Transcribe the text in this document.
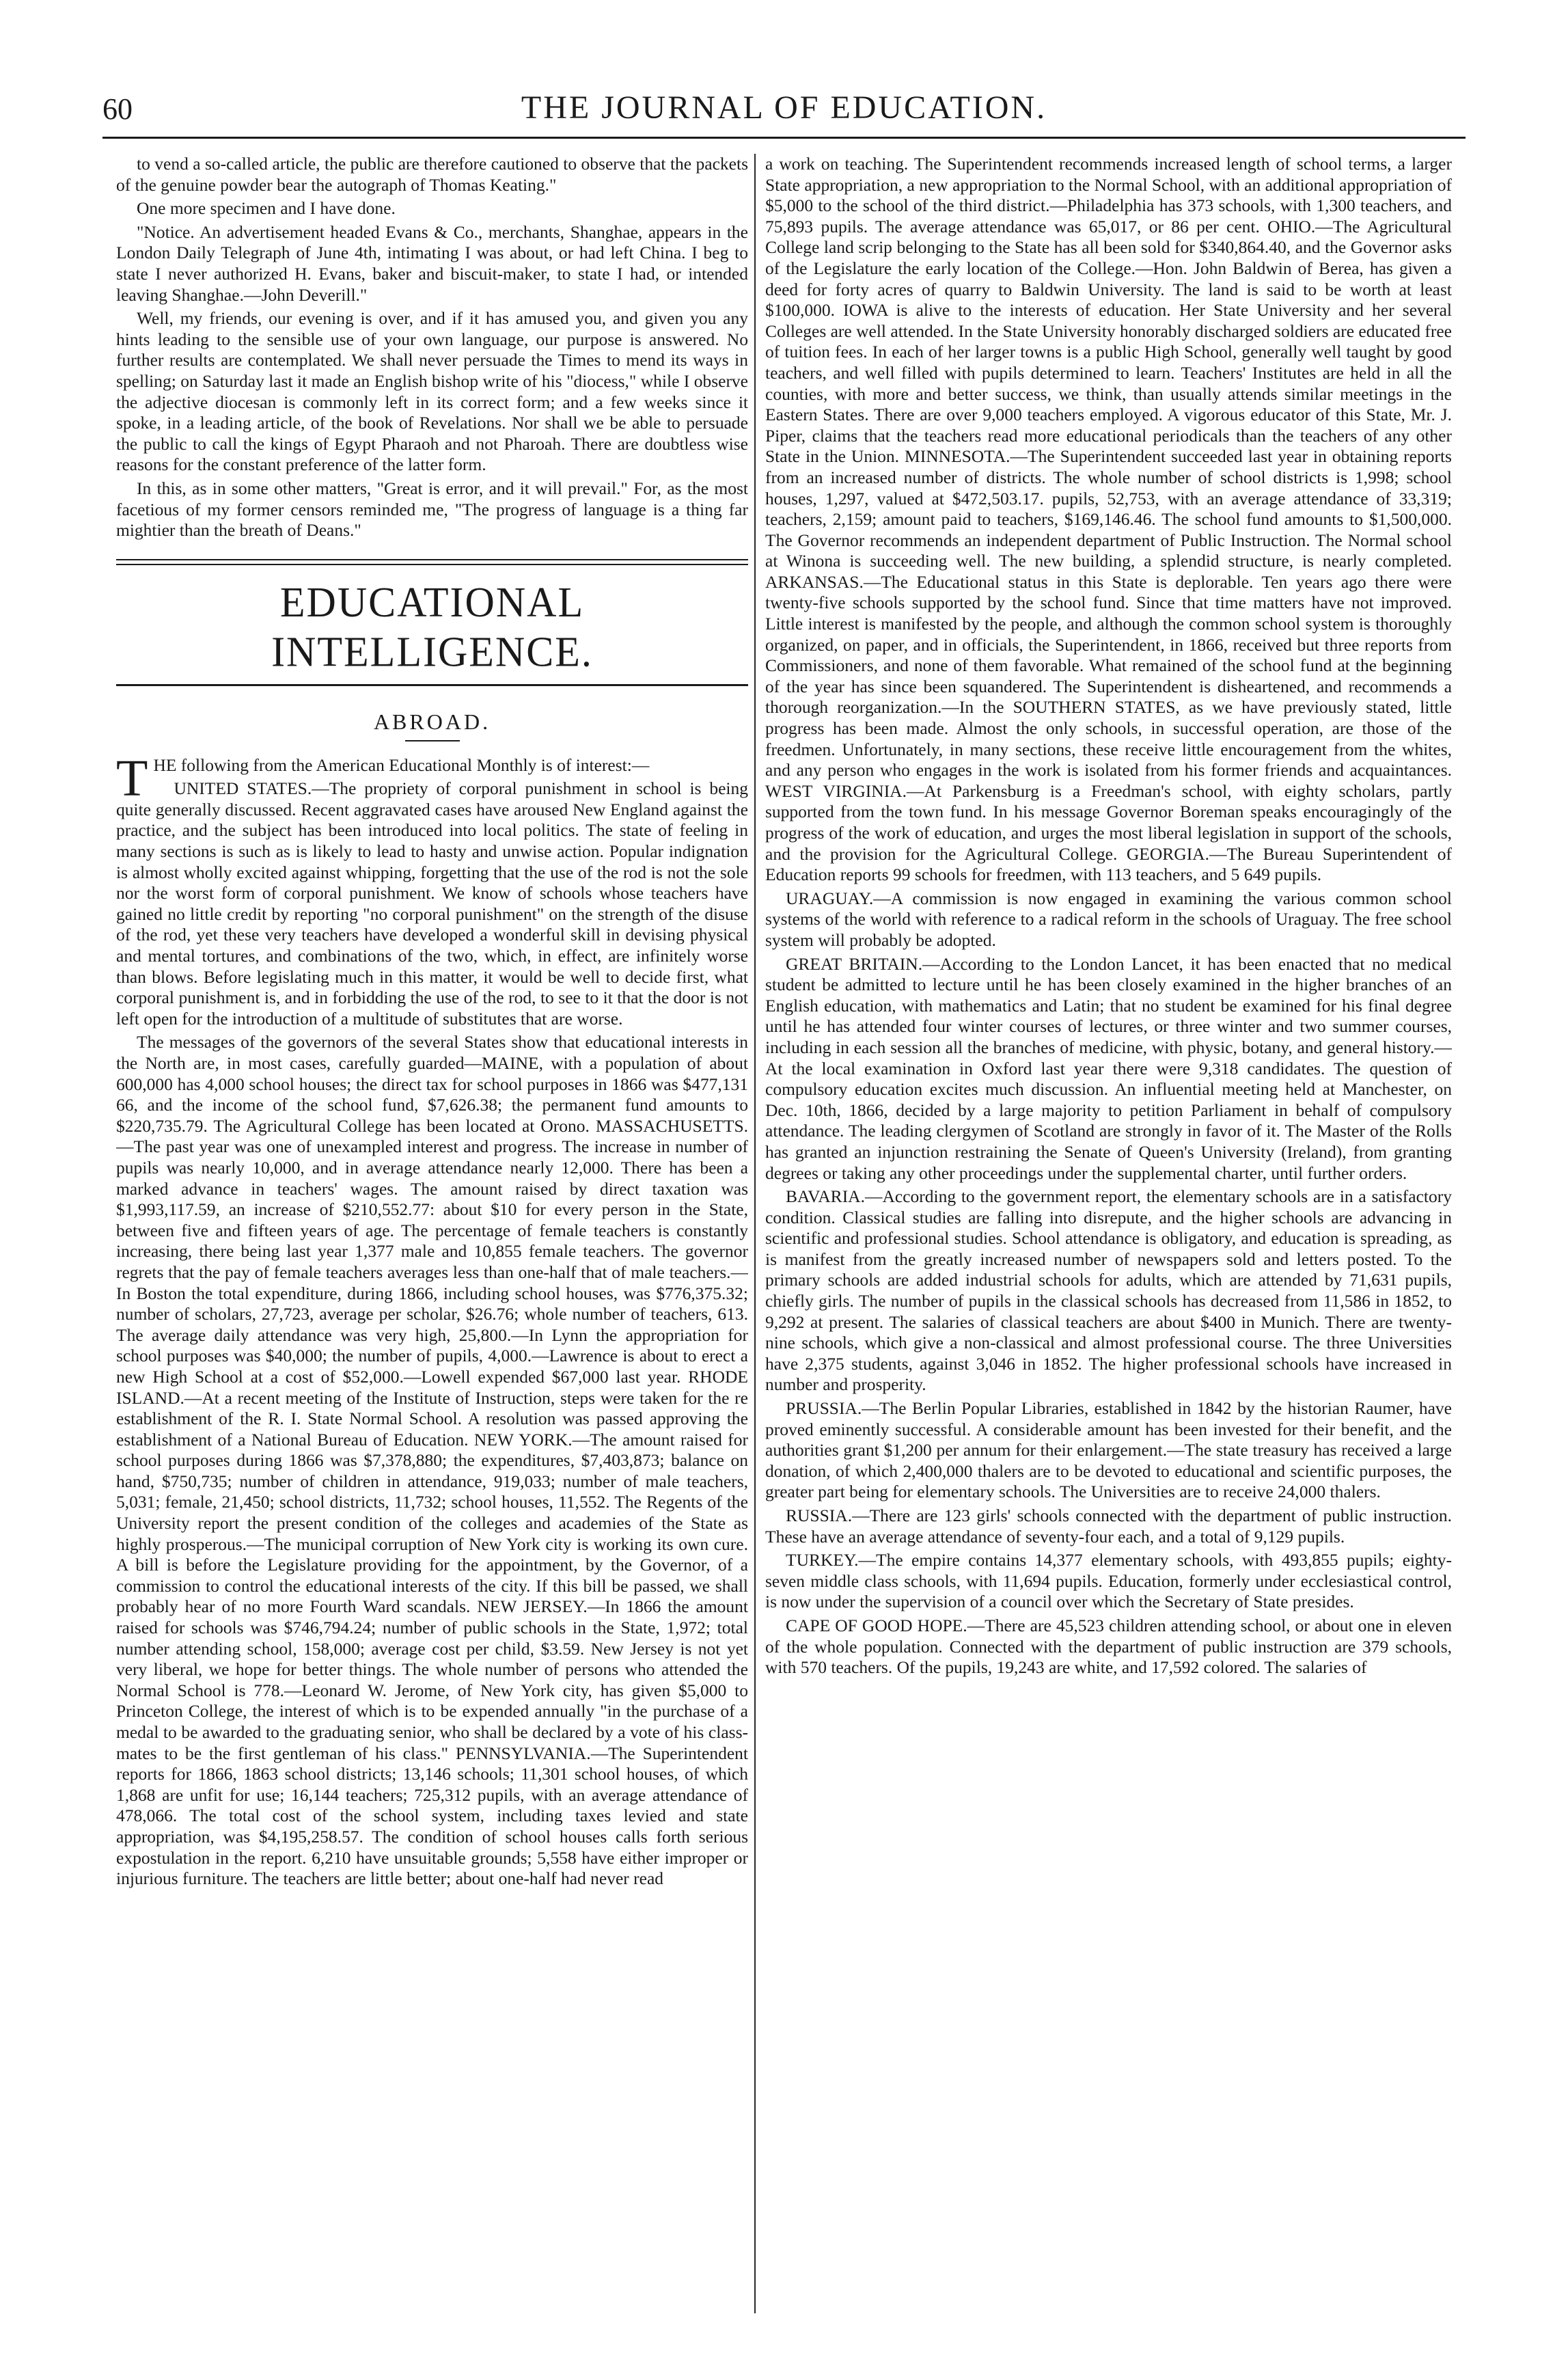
60	THE JOURNAL OF EDUCATION.

to vend a so-called article, the public are therefore cautioned to observe that the packets of the genuine powder bear the autograph of Thomas Keating."

One more specimen and I have done.

"Notice. An advertisement headed Evans & Co., merchants, Shanghae, appears in the London Daily Telegraph of June 4th, intimating I was about, or had left China. I beg to state I never authorized H. Evans, baker and biscuit-maker, to state I had, or intended leaving Shanghae.—John Deverill."

Well, my friends, our evening is over, and if it has amused you, and given you any hints leading to the sensible use of your own language, our purpose is answered. No further results are contemplated. We shall never persuade the Times to mend its ways in spelling; on Saturday last it made an English bishop write of his "diocess," while I observe the adjective diocesan is commonly left in its correct form; and a few weeks since it spoke, in a leading article, of the book of Revelations. Nor shall we be able to persuade the public to call the kings of Egypt Pharaoh and not Pharoah. There are doubtless wise reasons for the constant preference of the latter form.

In this, as in some other matters, "Great is error, and it will prevail." For, as the most facetious of my former censors reminded me, "The progress of language is a thing far mightier than the breath of Deans."

EDUCATIONAL INTELLIGENCE.
ABROAD.

THE following from the American Educational Monthly is of interest:—

UNITED STATES.—The propriety of corporal punishment in school is being quite generally discussed. Recent aggravated cases have aroused New England against the practice, and the subject has been introduced into local politics. The state of feeling in many sections is such as is likely to lead to hasty and unwise action. Popular indignation is almost wholly excited against whipping, forgetting that the use of the rod is not the sole nor the worst form of corporal punishment. We know of schools whose teachers have gained no little credit by reporting "no corporal punishment" on the strength of the disuse of the rod, yet these very teachers have developed a wonderful skill in devising physical and mental tortures, and combinations of the two, which, in effect, are infinitely worse than blows. Before legislating much in this matter, it would be well to decide first, what corporal punishment is, and in forbidding the use of the rod, to see to it that the door is not left open for the introduction of a multitude of substitutes that are worse.

The messages of the governors of the several States show that educational interests in the North are, in most cases, carefully guarded—MAINE, with a population of about 600,000 has 4,000 school houses; the direct tax for school purposes in 1866 was $477,131 66, and the income of the school fund, $7,626.38; the permanent fund amounts to $220,735.79. The Agricultural College has been located at Orono. MASSACHUSETTS.—The past year was one of unexampled interest and progress. The increase in number of pupils was nearly 10,000, and in average attendance nearly 12,000. There has been a marked advance in teachers' wages. The amount raised by direct taxation was $1,993,117.59, an increase of $210,552.77: about $10 for every person in the State, between five and fifteen years of age. The percentage of female teachers is constantly increasing, there being last year 1,377 male and 10,855 female teachers. The governor regrets that the pay of female teachers averages less than one-half that of male teachers.—In Boston the total expenditure, during 1866, including school houses, was $776,375.32; number of scholars, 27,723, average per scholar, $26.76; whole number of teachers, 613. The average daily attendance was very high, 25,800.—In Lynn the appropriation for school purposes was $40,000; the number of pupils, 4,000.—Lawrence is about to erect a new High School at a cost of $52,000.—Lowell expended $67,000 last year. RHODE ISLAND.—At a recent meeting of the Institute of Instruction, steps were taken for the re establishment of the R. I. State Normal School. A resolution was passed approving the establishment of a National Bureau of Education. NEW YORK.—The amount raised for school purposes during 1866 was $7,378,880; the expenditures, $7,403,873; balance on hand, $750,735; number of children in attendance, 919,033; number of male teachers, 5,031; female, 21,450; school districts, 11,732; school houses, 11,552. The Regents of the University report the present condition of the colleges and academies of the State as highly prosperous.—The municipal corruption of New York city is working its own cure. A bill is before the Legislature providing for the appointment, by the Governor, of a commission to control the educational interests of the city. If this bill be passed, we shall probably hear of no more Fourth Ward scandals. NEW JERSEY.—In 1866 the amount raised for schools was $746,794.24; number of public schools in the State, 1,972; total number attending school, 158,000; average cost per child, $3.59. New Jersey is not yet very liberal, we hope for better things. The whole number of persons who attended the Normal School is 778.—Leonard W. Jerome, of New York city, has given $5,000 to Princeton College, the interest of which is to be expended annually "in the purchase of a medal to be awarded to the graduating senior, who shall be declared by a vote of his class-mates to be the first gentleman of his class." PENNSYLVANIA.—The Superintendent reports for 1866, 1863 school districts; 13,146 schools; 11,301 school houses, of which 1,868 are unfit for use; 16,144 teachers; 725,312 pupils, with an average attendance of 478,066. The total cost of the school system, including taxes levied and state appropriation, was $4,195,258.57. The condition of school houses calls forth serious expostulation in the report. 6,210 have unsuitable grounds; 5,558 have either improper or injurious furniture. The teachers are little better; about one-half had never read

a work on teaching. The Superintendent recommends increased length of school terms, a larger State appropriation, a new appropriation to the Normal School, with an additional appropriation of $5,000 to the school of the third district.—Philadelphia has 373 schools, with 1,300 teachers, and 75,893 pupils. The average attendance was 65,017, or 86 per cent. OHIO.—The Agricultural College land scrip belonging to the State has all been sold for $340,864.40, and the Governor asks of the Legislature the early location of the College.—Hon. John Baldwin of Berea, has given a deed for forty acres of quarry to Baldwin University. The land is said to be worth at least $100,000. IOWA is alive to the interests of education. Her State University and her several Colleges are well attended. In the State University honorably discharged soldiers are educated free of tuition fees. In each of her larger towns is a public High School, generally well taught by good teachers, and well filled with pupils determined to learn. Teachers' Institutes are held in all the counties, with more and better success, we think, than usually attends similar meetings in the Eastern States. There are over 9,000 teachers employed. A vigorous educator of this State, Mr. J. Piper, claims that the teachers read more educational periodicals than the teachers of any other State in the Union. MINNESOTA.—The Superintendent succeeded last year in obtaining reports from an increased number of districts. The whole number of school districts is 1,998; school houses, 1,297, valued at $472,503.17. pupils, 52,753, with an average attendance of 33,319; teachers, 2,159; amount paid to teachers, $169,146.46. The school fund amounts to $1,500,000. The Governor recommends an independent department of Public Instruction. The Normal school at Winona is succeeding well. The new building, a splendid structure, is nearly completed. ARKANSAS.—The Educational status in this State is deplorable. Ten years ago there were twenty-five schools supported by the school fund. Since that time matters have not improved. Little interest is manifested by the people, and although the common school system is thoroughly organized, on paper, and in officials, the Superintendent, in 1866, received but three reports from Commissioners, and none of them favorable. What remained of the school fund at the beginning of the year has since been squandered. The Superintendent is disheartened, and recommends a thorough reorganization.—In the SOUTHERN STATES, as we have previously stated, little progress has been made. Almost the only schools, in successful operation, are those of the freedmen. Unfortunately, in many sections, these receive little encouragement from the whites, and any person who engages in the work is isolated from his former friends and acquaintances. WEST VIRGINIA.—At Parkensburg is a Freedman's school, with eighty scholars, partly supported from the town fund. In his message Governor Boreman speaks encouragingly of the progress of the work of education, and urges the most liberal legislation in support of the schools, and the provision for the Agricultural College. GEORGIA.—The Bureau Superintendent of Education reports 99 schools for freedmen, with 113 teachers, and 5 649 pupils.

URAGUAY.—A commission is now engaged in examining the various common school systems of the world with reference to a radical reform in the schools of Uraguay. The free school system will probably be adopted.

GREAT BRITAIN.—According to the London Lancet, it has been enacted that no medical student be admitted to lecture until he has been closely examined in the higher branches of an English education, with mathematics and Latin; that no student be examined for his final degree until he has attended four winter courses of lectures, or three winter and two summer courses, including in each session all the branches of medicine, with physic, botany, and general history.—At the local examination in Oxford last year there were 9,318 candidates. The question of compulsory education excites much discussion. An influential meeting held at Manchester, on Dec. 10th, 1866, decided by a large majority to petition Parliament in behalf of compulsory attendance. The leading clergymen of Scotland are strongly in favor of it. The Master of the Rolls has granted an injunction restraining the Senate of Queen's University (Ireland), from granting degrees or taking any other proceedings under the supplemental charter, until further orders.

BAVARIA.—According to the government report, the elementary schools are in a satisfactory condition. Classical studies are falling into disrepute, and the higher schools are advancing in scientific and professional studies. School attendance is obligatory, and education is spreading, as is manifest from the greatly increased number of newspapers sold and letters posted. To the primary schools are added industrial schools for adults, which are attended by 71,631 pupils, chiefly girls. The number of pupils in the classical schools has decreased from 11,586 in 1852, to 9,292 at present. The salaries of classical teachers are about $400 in Munich. There are twenty-nine schools, which give a non-classical and almost professional course. The three Universities have 2,375 students, against 3,046 in 1852. The higher professional schools have increased in number and prosperity.

PRUSSIA.—The Berlin Popular Libraries, established in 1842 by the historian Raumer, have proved eminently successful. A considerable amount has been invested for their benefit, and the authorities grant $1,200 per annum for their enlargement.—The state treasury has received a large donation, of which 2,400,000 thalers are to be devoted to educational and scientific purposes, the greater part being for elementary schools. The Universities are to receive 24,000 thalers.

RUSSIA.—There are 123 girls' schools connected with the department of public instruction. These have an average attendance of seventy-four each, and a total of 9,129 pupils.

TURKEY.—The empire contains 14,377 elementary schools, with 493,855 pupils; eighty-seven middle class schools, with 11,694 pupils. Education, formerly under ecclesiastical control, is now under the supervision of a council over which the Secretary of State presides.

CAPE OF GOOD HOPE.—There are 45,523 children attending school, or about one in eleven of the whole population. Connected with the department of public instruction are 379 schools, with 570 teachers. Of the pupils, 19,243 are white, and 17,592 colored. The salaries of
